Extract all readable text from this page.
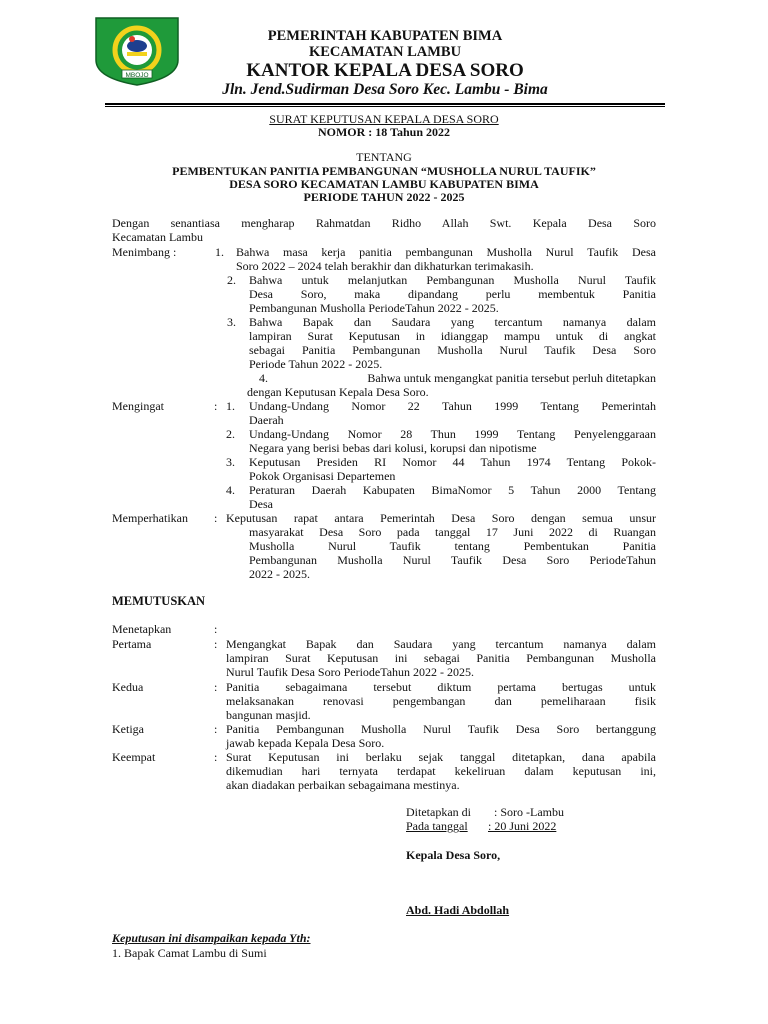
MBOJO
PEMERINTAH KABUPATEN BIMA
KECAMATAN LAMBU
KANTOR KEPALA DESA SORO
Jln. Jend.Sudirman Desa Soro Kec. Lambu - Bima
SURAT KEPUTUSAN KEPALA DESA SORO
NOMOR : 18 Tahun 2022
TENTANG
PEMBENTUKAN PANITIA PEMBANGUNAN “MUSHOLLA NURUL TAUFIK”
DESA SORO KECAMATAN LAMBU KABUPATEN BIMA
PERIODE TAHUN 2022 - 2025
Dengan senantiasa mengharap Rahmatdan Ridho Allah Swt. Kepala Desa Soro
Kecamatan Lambu
Menimbang :	1. Bahwa masa kerja panitia pembangunan Musholla Nurul Taufik Desa
Soro 2022 – 2024 telah berakhir dan dikhaturkan terimakasih.
2. Bahwa untuk melanjutkan Pembangunan Musholla Nurul Taufik
Desa Soro, maka dipandang perlu membentuk Panitia
Pembangunan Musholla PeriodeTahun 2022 - 2025.
3. Bahwa Bapak dan Saudara yang tercantum namanya dalam
lampiran Surat Keputusan in idianggap mampu untuk di angkat
sebagai Panitia Pembangunan Musholla Nurul Taufik Desa Soro
Periode Tahun 2022 - 2025.
4.	Bahwa untuk mengangkat panitia tersebut perluh ditetapkan
dengan Keputusan Kepala Desa Soro.
Mengingat	: 1. Undang-Undang Nomor 22 Tahun 1999 Tentang Pemerintah
Daerah
2. Undang-Undang Nomor 28 Thun 1999 Tentang Penyelenggaraan
Negara yang berisi bebas dari kolusi, korupsi dan nipotisme
3. Keputusan Presiden RI Nomor 44 Tahun 1974 Tentang Pokok-
Pokok Organisasi Departemen
4. Peraturan Daerah Kabupaten BimaNomor 5 Tahun 2000 Tentang
Desa
Memperhatikan : Keputusan rapat antara Pemerintah Desa Soro dengan semua unsur
masyarakat Desa Soro pada tanggal 17 Juni 2022 di Ruangan
Musholla Nurul Taufik tentang Pembentukan Panitia
Pembangunan Musholla Nurul Taufik Desa Soro PeriodeTahun
2022 - 2025.
MEMUTUSKAN
Menetapkan	:
Pertama	: Mengangkat Bapak dan Saudara yang tercantum namanya dalam
lampiran Surat Keputusan ini sebagai Panitia Pembangunan Musholla
Nurul Taufik Desa Soro PeriodeTahun 2022 - 2025.
Kedua	: Panitia sebagaimana tersebut diktum pertama bertugas untuk
melaksanakan renovasi pengembangan dan pemeliharaan fisik
bangunan masjid.
Ketiga	: Panitia Pembangunan Musholla Nurul Taufik Desa Soro bertanggung
jawab kepada Kepala Desa Soro.
Keempat	: Surat Keputusan ini berlaku sejak tanggal ditetapkan, dana apabila
dikemudian hari ternyata terdapat kekeliruan dalam keputusan ini,
akan diadakan perbaikan sebagaimana mestinya.
Ditetapkan di : Soro -Lambu
Pada tanggal : 20 Juni 2022
Kepala Desa Soro,
Abd. Hadi Abdollah
Keputusan ini disampaikan kepada Yth:
1. Bapak Camat Lambu di Sumi
